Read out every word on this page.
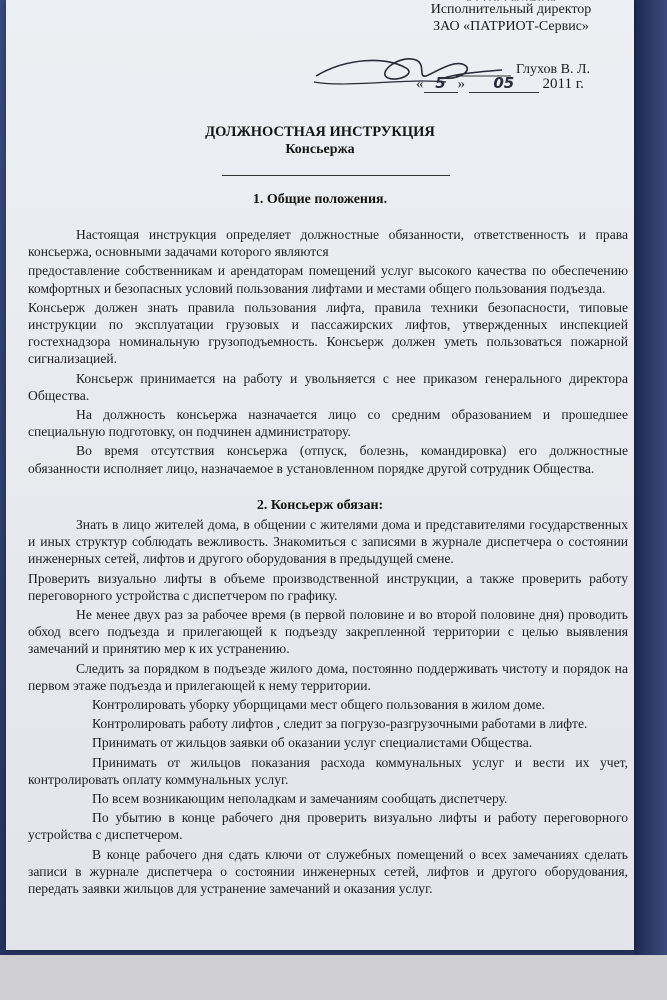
Исполнительный директор
ЗАО «ПАТРИОТ-Сервис»
Глухов В. Л.
« 5 » 05 2011 г.
ДОЛЖНОСТНАЯ ИНСТРУКЦИЯ
Консьержа
1. Общие положения.

Настоящая инструкция определяет должностные обязанности, ответственность и права консьержа, основными задачами которого являются

предоставление собственникам и арендаторам помещений услуг высокого качества по обеспечению комфортных и безопасных условий пользования лифтами и местами общего пользования подъезда.

Консьерж должен знать правила пользования лифта, правила техники безопасности, типовые инструкции по эксплуатации грузовых и пассажирских лифтов, утвержденных инспекцией гостехнадзора номинальную грузоподъемность. Консьерж должен уметь пользоваться пожарной сигнализацией.

Консьерж принимается на работу и увольняется с нее приказом генерального директора Общества.

На должность консьержа назначается лицо со средним образованием и прошедшее специальную подготовку, он подчинен администратору.

Во время отсутствия консьержа (отпуск, болезнь, командировка) его должностные обязанности исполняет лицо, назначаемое в установленном порядке другой сотрудник Общества.

2. Консьерж обязан:

Знать в лицо жителей дома, в общении с жителями дома и представителями государственных и иных структур соблюдать вежливость. Знакомиться с записями в журнале диспетчера о состоянии инженерных сетей, лифтов и другого оборудования в предыдущей смене.

Проверить визуально лифты в объеме производственной инструкции, а также проверить работу переговорного устройства с диспетчером по графику.

Не менее двух раз за рабочее время (в первой половине и во второй половине дня) проводить обход всего подъезда и прилегающей к подъезду закрепленной территории с целью выявления замечаний и принятию мер к их устранению.

Следить за порядком в подъезде жилого дома, постоянно поддерживать чистоту и порядок на первом этаже подъезда и прилегающей к нему территории.

Контролировать уборку уборщицами мест общего пользования в жилом доме.

Контролировать работу лифтов , следит за погрузо-разгрузочными работами в лифте.

Принимать от жильцов заявки об оказании услуг специалистами Общества.

Принимать от жильцов показания расхода коммунальных услуг и вести их учет, контролировать оплату коммунальных услуг.

По всем возникающим неполадкам и замечаниям сообщать диспетчеру.

По убытию в конце рабочего дня проверить визуально лифты и работу переговорного устройства с диспетчером.

В конце рабочего дня сдать ключи от служебных помещений о всех замечаниях сделать записи в журнале диспетчера о состоянии инженерных сетей, лифтов и другого оборудования, передать заявки жильцов для устранение замечаний и оказания услуг.
